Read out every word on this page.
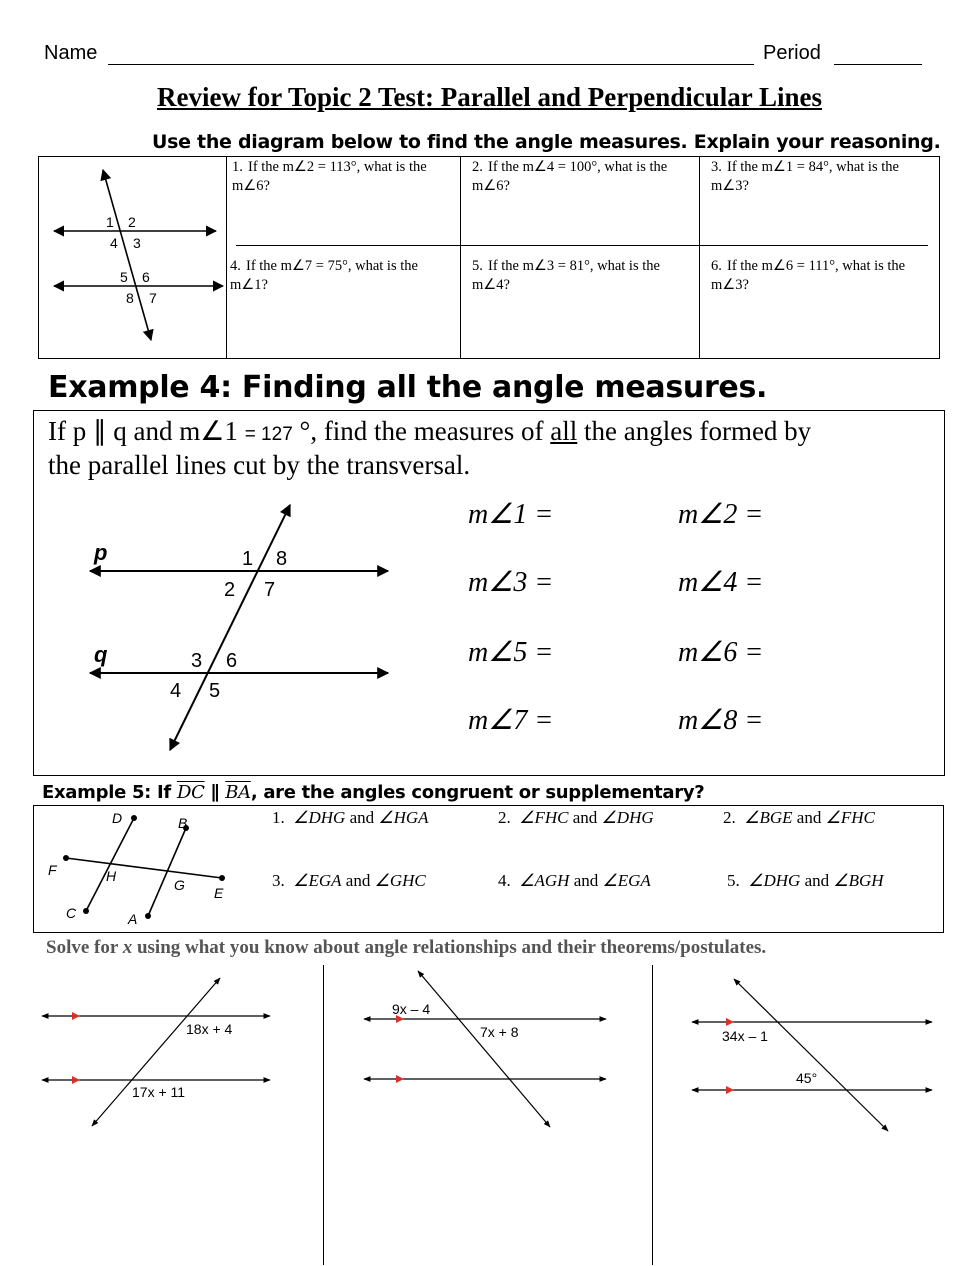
Name	Period
Review for Topic 2 Test: Parallel and Perpendicular Lines
Use the diagram below to find the angle measures. Explain your reasoning.
1 2
4 3
5 6
8 7
1. If the m∠2 = 113°, what is the m∠6?
2. If the m∠4 = 100°, what is the m∠6?
3. If the m∠1 = 84°, what is the m∠3?
4. If the m∠7 = 75°, what is the m∠1?
5. If the m∠3 = 81°, what is the m∠4?
6. If the m∠6 = 111°, what is the m∠3?
Example 4: Finding all the angle measures.
If p ∥ q and m∠1 = 127 °, find the measures of all the angles formed by
the parallel lines cut by the transversal.
p
q
1 8
2 7
3 6
4 5
m∠1 =	m∠2 =
m∠3 =	m∠4 =
m∠5 =	m∠6 =
m∠7 =	m∠8 =
Example 5: If $\overline{DC}$ ∥ $\overline{BA}$, are the angles congruent or supplementary?
D	B
F	H
G E
C	A
1. ∠DHG and ∠HGA	2. ∠FHC and ∠DHG	2. ∠BGE and ∠FHC
3. ∠EGA and ∠GHC	4. ∠AGH and ∠EGA	5. ∠DHG and ∠BGH
Solve for x using what you know about angle relationships and their theorems/postulates.
18x + 4
17x + 11
9x – 4
7x + 8	34x – 1
45°
